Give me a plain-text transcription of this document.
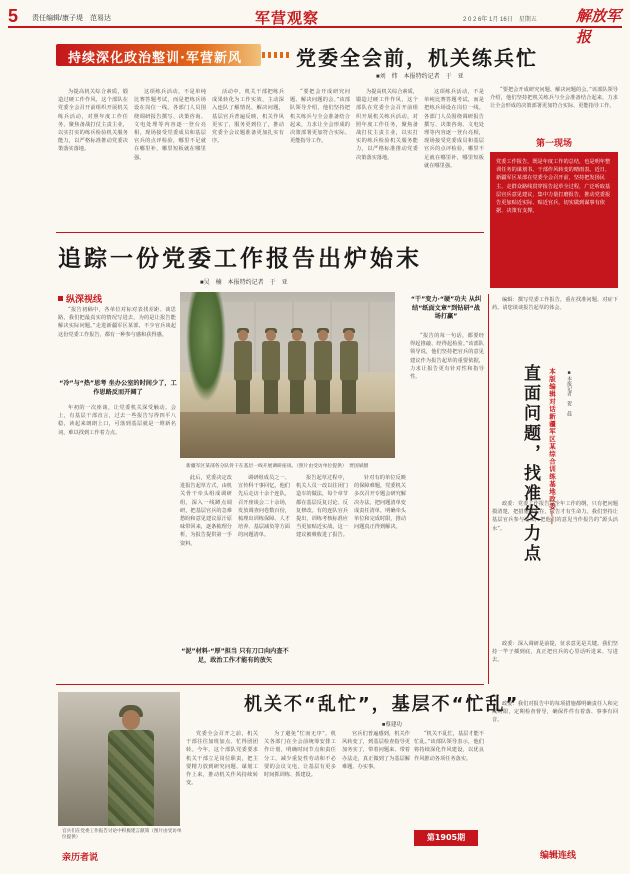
5 责任编辑/康子堤　范易达	军营观察	2 0 2 6年 1月 16日　星期五	解放军报
持续深化政治整训·军营新风	党委全会前，机关练兵忙
■刘　炜　本报特约记者　于　亚
为提高机关综合素质，锻造过硬工作作风，这个部队在党委全会召开前组织开展机关练兵活动，对照年度工作任务，聚焦备战打仗主责主业，以实打实的练兵检验机关服务能力，以严格标准推动党委决策落实落地。
这项练兵活动，不是单纯比赛答题考试，而是把练兵场设在岗位一线。各部门人员围绕调研报告撰写、决策咨询、文电处理等内容逐一登台亮相，现场接受党委成员和基层官兵的点评检验，哪里不足就在哪里补，哪里短板就在哪里强。
活动中，机关干部把练兵成果转化为工作实效，主动深入连队了解情况、解决问题，基层官兵普遍反映，机关作风更实了，服务更到位了，推动党委全会议题准备更加扎实有序。
“要把会开成研究问题、解决问题的会。”该部队领导介绍，他们坚持把机关练兵与全会准备结合起来，力求让全会形成的决策部署更加符合实际、更能指导工作。
为提高机关综合素质，锻造过硬工作作风，这个部队在党委全会召开前组织开展机关练兵活动，对照年度工作任务，聚焦备战打仗主责主业，以实打实的练兵检验机关服务能力，以严格标准推动党委决策落实落地。
这项练兵活动，不是单纯比赛答题考试，而是把练兵场设在岗位一线。各部门人员围绕调研报告撰写、决策咨询、文电处理等内容逐一登台亮相，现场接受党委成员和基层官兵的点评检验，哪里不足就在哪里补，哪里短板就在哪里强。
“要把会开成研究问题、解决问题的会。”该部队领导介绍，他们坚持把机关练兵与全会准备结合起来，力求让全会形成的决策部署更加符合实际、更能指导工作。
第一现场
党委工作报告，既是年度工作的总结，也是明年整训任务的谋划书。干部作风转变的晴雨表。近日，新疆军区某部在党委全会召开前，坚持把发扬民主、走群众路线贯穿报告起草全过程，广泛听取基层官兵意见建议，集中力量打磨报告，推动党委报告更加贴近实际、贴近官兵，切实做到谋事有依据、决策有支撑。
追踪一份党委工作报告出炉始末
■吴　楠　本报特约记者　于　亚
纵深视线
“报告初稿中，各单位对标对表找差距、谈思路，我们把最真实的情况写进去，为的是让报告能解决实际问题。”走进新疆军区某部，不少官兵谈起这份党委工作报告，都有一种参与感和获得感。
“冷”与“热”思考 坐办公室的时间少了，工作思路反而开阔了
年初的一次座谈，让党委机关深受触动。会上，有基层干部直言，过去一些报告写得四平八稳，读起来朗朗上口，可落到基层就是一堆新名词，难以找到工作着力点。
新疆军区某部各分队骨干在基层一线开展调研座谈。（照片由受访单位提供）　贾国斌摄
此后，党委决定改进报告起草方式，由机关骨干牵头组成调研组，深入一线蹲点调研，把基层官兵的急难愁盼和意见建议原汁原味带回来，逐条梳理分析，为报告提供第一手资料。
调研组成员之一、宣传科干事回忆，他们先后走访十余个连队，召开座谈会二十余场，发放调查问卷数百份，梳理出训练保障、人才培养、基层减负等方面的问题清单。
“泥”材料·“厚”担当 只有刀口向内查不足，政治工作才能有的放矢
报告起草过程中，机关人员一改以往闭门造车的做法，每个章节都在基层反复讨论、反复修改。有的连队官兵提出，训练考核标准应当更加贴近实战，这一建议被吸收进了报告。
针对有的单位反映的保障难题，党委机关多次召开专题会研究解决办法，把问题清单变成责任清单，明确牵头单位和完成时限，推动问题真正得到解决。
“干”变力·“硬”功夫 从纠结“纸面文章”到钻研“战场打赢”
“报告的每一句话，都要经得起推敲、经得起检验。”该部队领导说，他们坚持把官兵的意见建议作为报告起草的重要依据，力求让报告更有针对性和指导性。
编辑：撰写党委工作报告，重在找准问题、对症下药。请您谈谈报告起草的体会。
直面问题，找准发力点 本版编辑对话新疆军区某综合训练基地政委—— ■本报记者　贺　晨
政委：党委工作报告是全年工作的纲，只有把问题摸清楚，把措施谋实在，报告才有生命力。我们坚持让基层官兵参与进来，把他们的意见当作报告的“源头活水”。
机关不“乱忙”，基层不“忙乱”
■蔡建功
官兵们在党委工作报告讨论中积极建言献策（图片由受访单位提供）
亲历者说
党委全会召开之前，机关干部往往加班加点、忙得团团转。今年，这个部队党委要求机关干部立足岗位职责，把主要精力放到研究问题、谋划工作上来，推动机关作风持续转变。
为了避免“忙而无序”，机关各部门在全会前统筹安排工作计划，明确时间节点和责任分工，减少重复性劳动和不必要的会议文电，让基层有更多时间抓训练、抓建设。
官兵们普遍感到，机关作风转变了，到基层检查指导更加务实了，带着问题来、带着办法走，真正做到了为基层解难题、办实事。
“机关不乱忙，基层才能不忙乱。”该部队领导表示，他们将持续深化作风建设，以优良作风推动各项任务落实。
第1905期
政委：深入调研是前提，征求意见是关键。我们坚持一竿子插到底，真正把官兵的心里话听进来、写进去。
政委：我们对报告中的每项措施都明确责任人和完成时限，定期检查督导，确保件件有着落、事事有回音。
编辑连线
